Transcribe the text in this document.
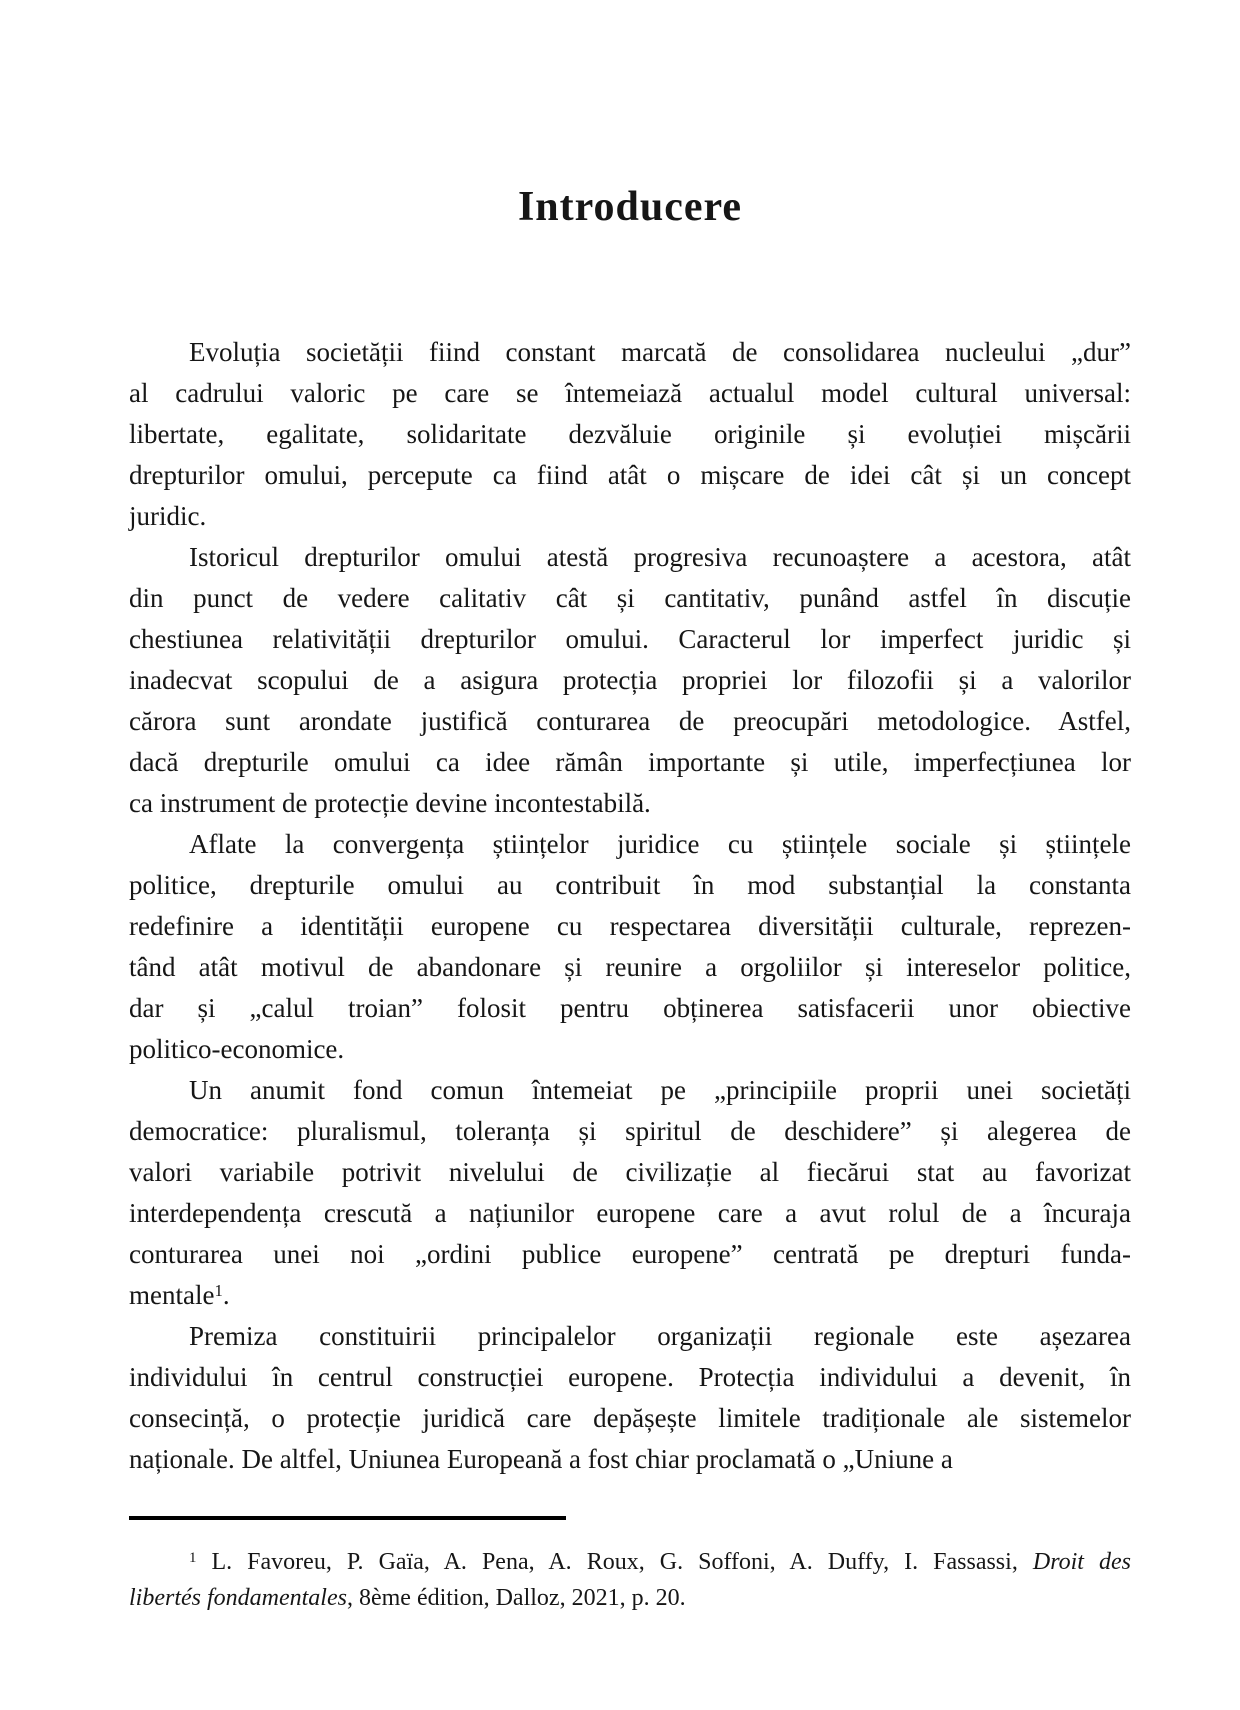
Introducere
Evoluția societății fiind constant marcată de consolidarea nucleului „dur”
al cadrului valoric pe care se întemeiază actualul model cultural universal:
libertate, egalitate, solidaritate dezvăluie originile și evoluției mișcării
drepturilor omului, percepute ca fiind atât o mișcare de idei cât și un concept
juridic.
Istoricul drepturilor omului atestă progresiva recunoaștere a acestora, atât
din punct de vedere calitativ cât și cantitativ, punând astfel în discuție
chestiunea relativității drepturilor omului. Caracterul lor imperfect juridic și
inadecvat scopului de a asigura protecția propriei lor filozofii și a valorilor
cărora sunt arondate justifică conturarea de preocupări metodologice. Astfel,
dacă drepturile omului ca idee rămân importante și utile, imperfecțiunea lor
ca instrument de protecție devine incontestabilă.
Aflate la convergența științelor juridice cu științele sociale și științele
politice, drepturile omului au contribuit în mod substanțial la constanta
redefinire a identității europene cu respectarea diversității culturale, reprezen-
tând atât motivul de abandonare și reunire a orgoliilor și intereselor politice,
dar și „calul troian” folosit pentru obținerea satisfacerii unor obiective
politico-economice.
Un anumit fond comun întemeiat pe „principiile proprii unei societăți
democratice: pluralismul, toleranța și spiritul de deschidere” și alegerea de
valori variabile potrivit nivelului de civilizație al fiecărui stat au favorizat
interdependența crescută a națiunilor europene care a avut rolul de a încuraja
conturarea unei noi „ordini publice europene” centrată pe drepturi funda-
mentale$^1$.
Premiza constituirii principalelor organizații regionale este așezarea
individului în centrul construcției europene. Protecția individului a devenit, în
consecință, o protecție juridică care depășește limitele tradiționale ale sistemelor
naționale. De altfel, Uniunea Europeană a fost chiar proclamată o „Uniune a
$^1$ L. Favoreu, P. Gaïa, A. Pena, A. Roux, G. Soffoni, A. Duffy, I. Fassassi, Droit des
libertés fondamentales, 8ème édition, Dalloz, 2021, p. 20.
